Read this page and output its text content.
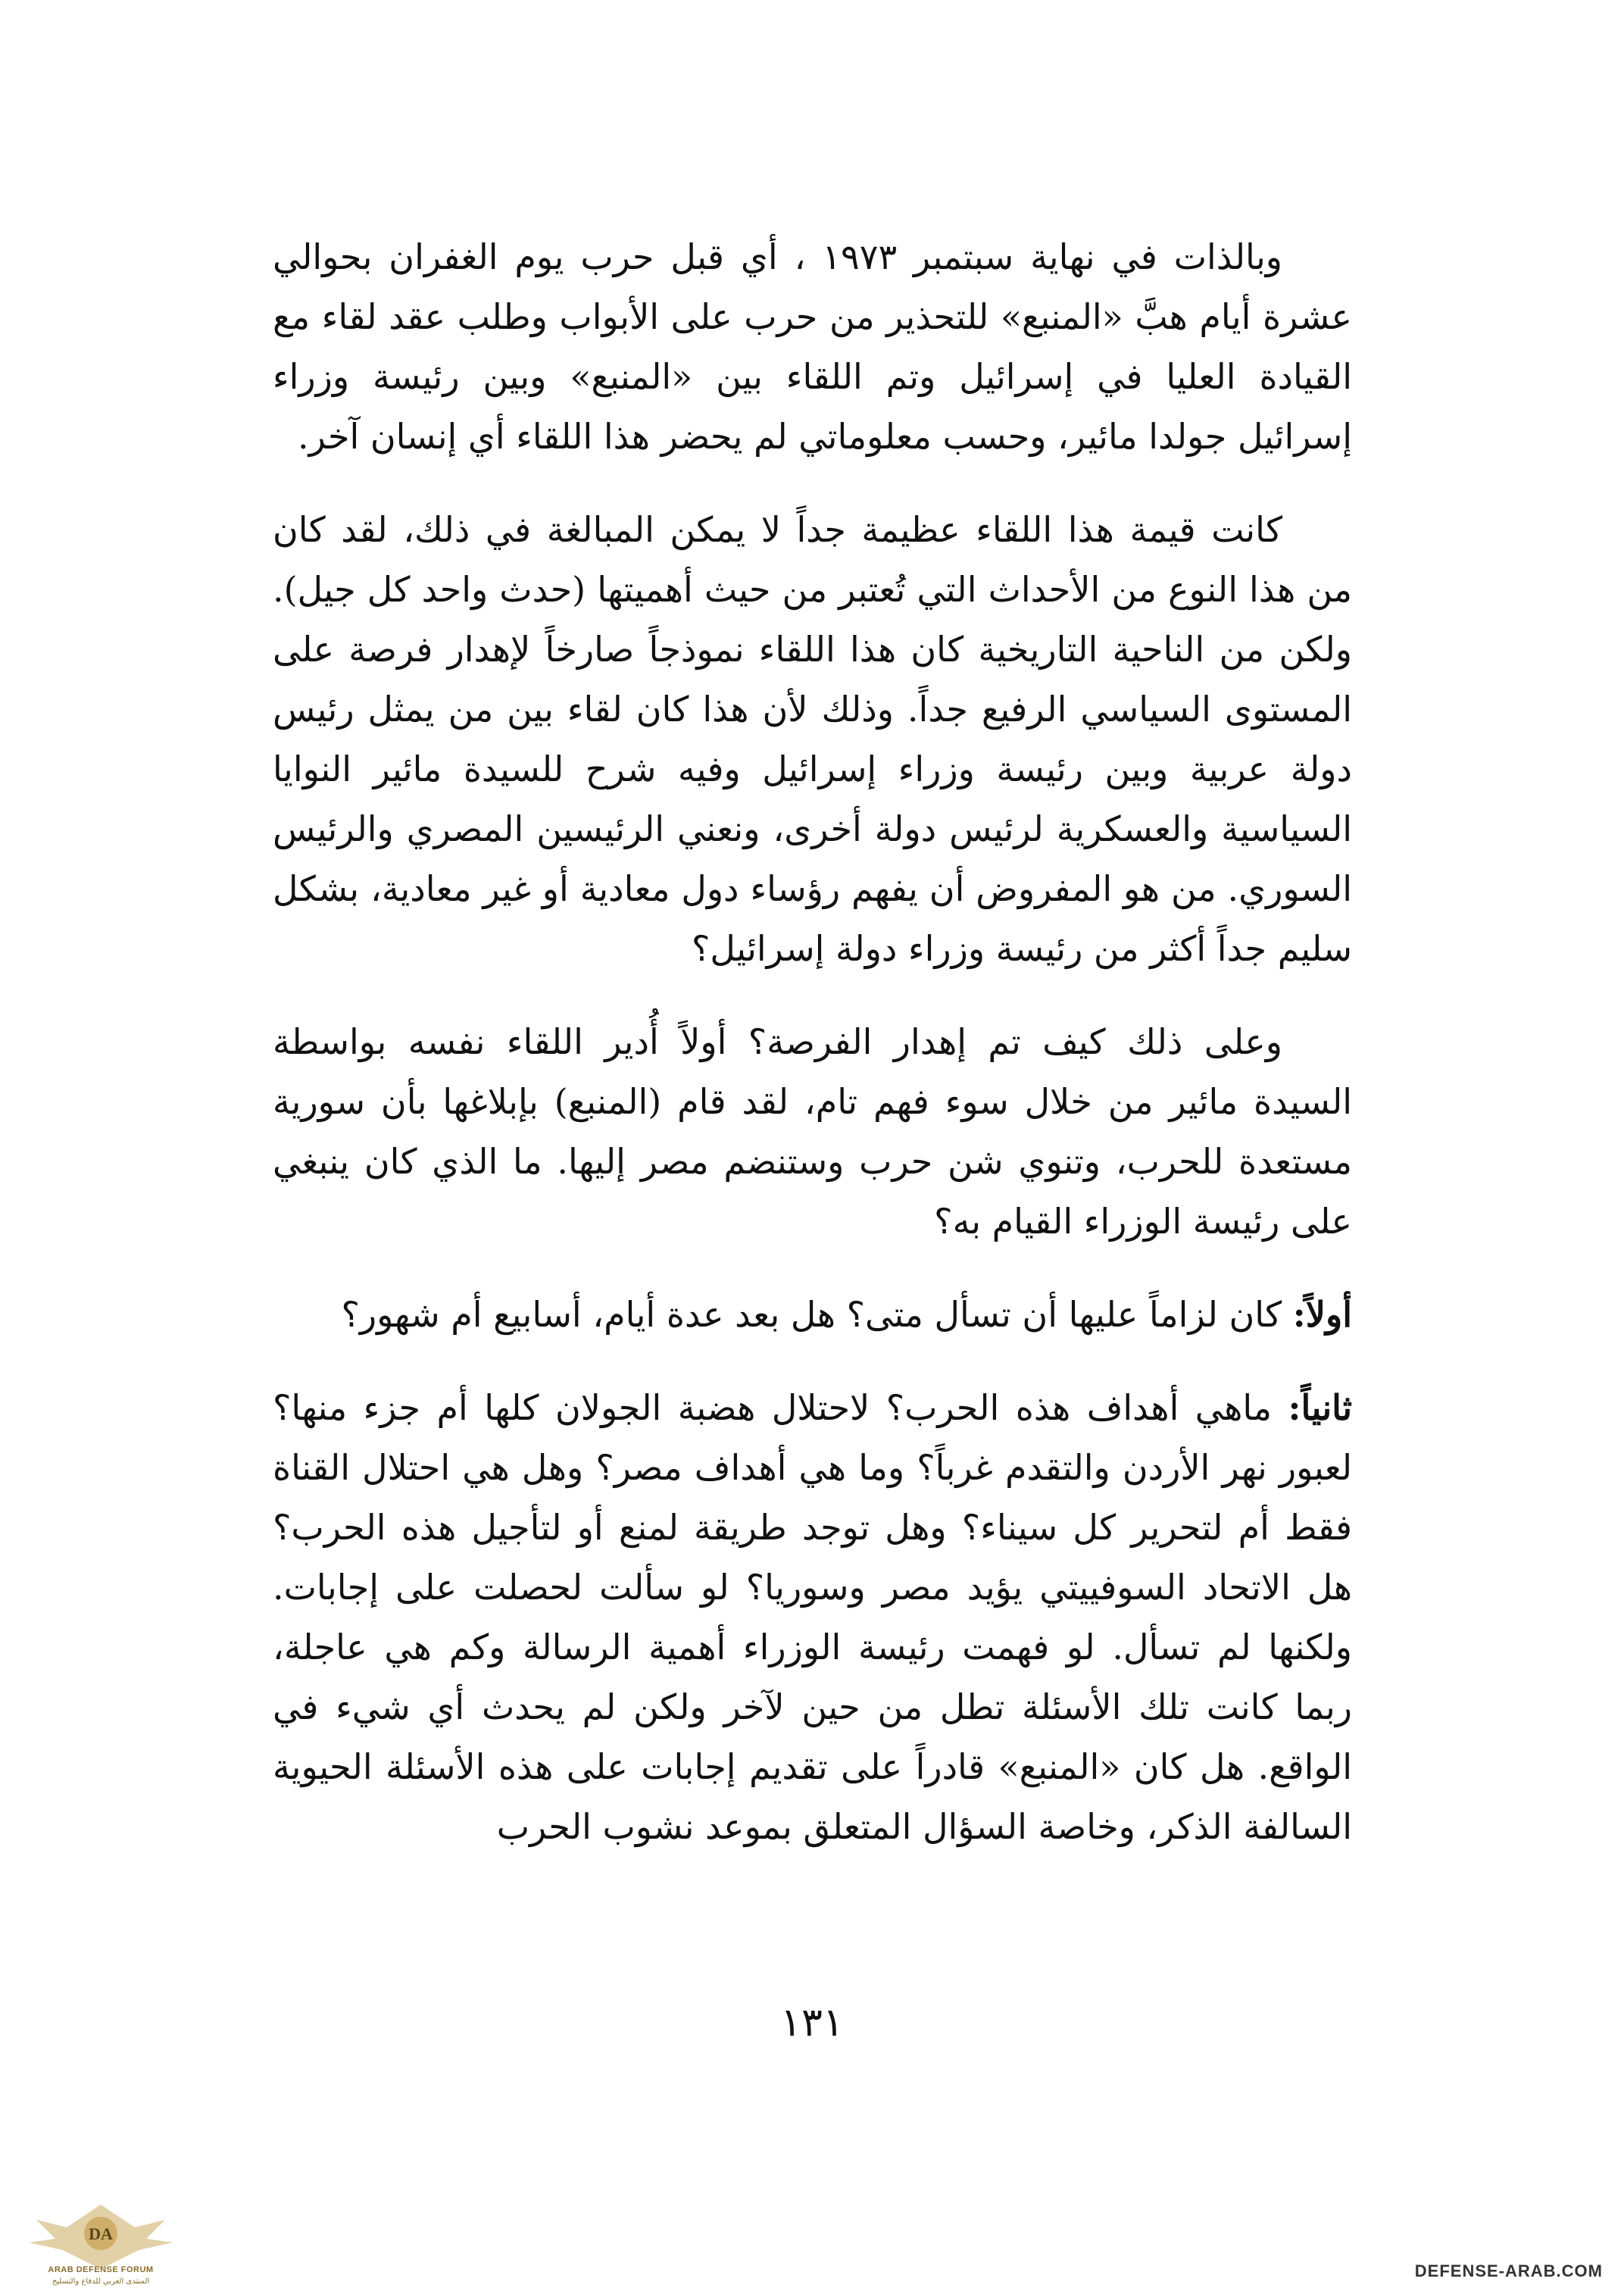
وبالذات في نهاية سبتمبر ١٩٧٣ ، أي قبل حرب يوم الغفران بحوالي عشرة أيام هبَّ «المنبع» للتحذير من حرب على الأبواب وطلب عقد لقاء مع القيادة العليا في إسرائيل وتم اللقاء بين «المنبع» وبين رئيسة وزراء إسرائيل جولدا مائير، وحسب معلوماتي لم يحضر هذا اللقاء أي إنسان آخر.

كانت قيمة هذا اللقاء عظيمة جداً لا يمكن المبالغة في ذلك، لقد كان من هذا النوع من الأحداث التي تُعتبر من حيث أهميتها (حدث واحد كل جيل). ولكن من الناحية التاريخية كان هذا اللقاء نموذجاً صارخاً لإهدار فرصة على المستوى السياسي الرفيع جداً. وذلك لأن هذا كان لقاء بين من يمثل رئيس دولة عربية وبين رئيسة وزراء إسرائيل وفيه شرح للسيدة مائير النوايا السياسية والعسكرية لرئيس دولة أخرى، ونعني الرئيسين المصري والرئيس السوري. من هو المفروض أن يفهم رؤساء دول معادية أو غير معادية، بشكل سليم جداً أكثر من رئيسة وزراء دولة إسرائيل؟

وعلى ذلك كيف تم إهدار الفرصة؟ أولاً أُدير اللقاء نفسه بواسطة السيدة مائير من خلال سوء فهم تام، لقد قام (المنبع) بإبلاغها بأن سورية مستعدة للحرب، وتنوي شن حرب وستنضم مصر إليها. ما الذي كان ينبغي على رئيسة الوزراء القيام به؟

أولاً: كان لزاماً عليها أن تسأل متى؟ هل بعد عدة أيام، أسابيع أم شهور؟

ثانياً: ماهي أهداف هذه الحرب؟ لاحتلال هضبة الجولان كلها أم جزء منها؟ لعبور نهر الأردن والتقدم غرباً؟ وما هي أهداف مصر؟ وهل هي احتلال القناة فقط أم لتحرير كل سيناء؟ وهل توجد طريقة لمنع أو لتأجيل هذه الحرب؟ هل الاتحاد السوفييتي يؤيد مصر وسوريا؟ لو سألت لحصلت على إجابات. ولكنها لم تسأل. لو فهمت رئيسة الوزراء أهمية الرسالة وكم هي عاجلة، ربما كانت تلك الأسئلة تطل من حين لآخر ولكن لم يحدث أي شيء في الواقع. هل كان «المنبع» قادراً على تقديم إجابات على هذه الأسئلة الحيوية السالفة الذكر، وخاصة السؤال المتعلق بموعد نشوب الحرب

١٣١
DA
ARAB DEFENSE FORUM
المنتدى العربي للدفاع والتسليح
DEFENSE-ARAB.COM
